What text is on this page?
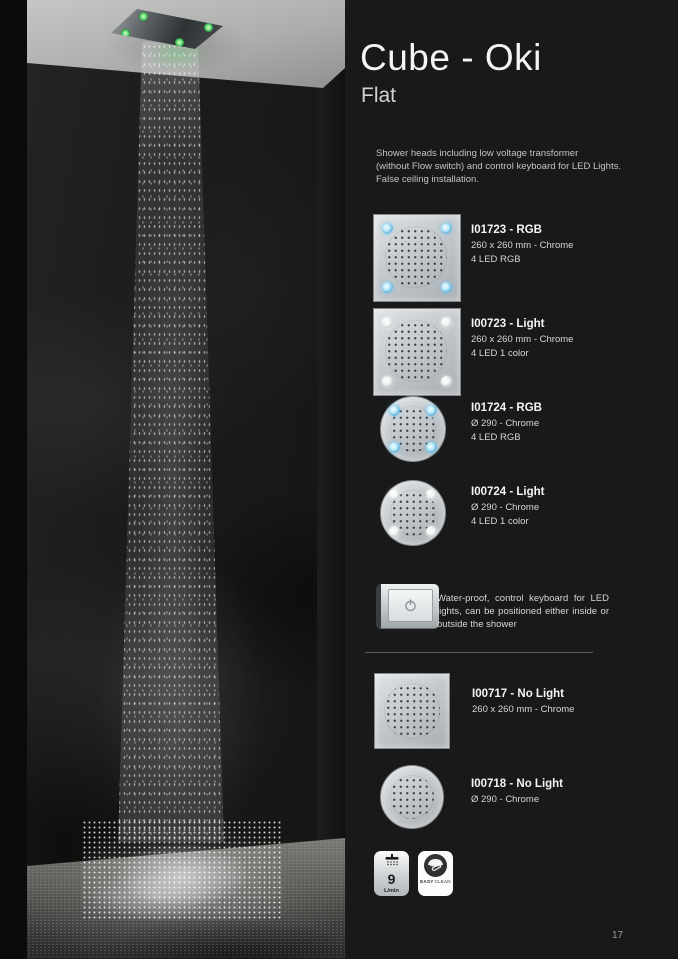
Cube - Oki
Flat
Shower heads including low voltage transformer
(without Flow switch) and control keyboard for LED Lights.
False ceiling installation.
I01723 - RGB
260 x 260 mm - Chrome
4 LED RGB
I00723 - Light
260 x 260 mm - Chrome
4 LED 1 color
I01724 - RGB
Ø 290 - Chrome
4 LED RGB
I00724 - Light
Ø 290 - Chrome
4 LED 1 color
Water-proof, control keyboard for LED lights, can be positioned either inside or outside the shower
I00717 - No Light
260 x 260 mm - Chrome
I00718 - No Light
Ø 290 - Chrome
9
L/min
EASYCLEAN
17
